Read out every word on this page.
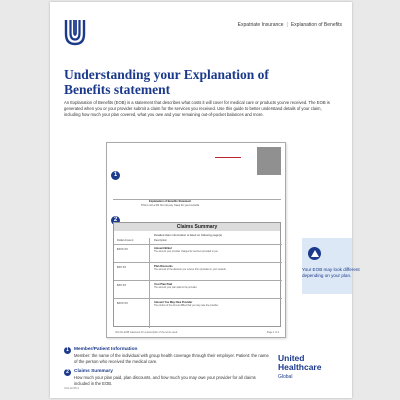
Expatriate Insurance | Explanation of Benefits
Understanding your Explanation of Benefits statement
An Explanation of Benefits (EOB) is a statement that describes what costs it will cover for medical care or products you've received. The EOB is generated when you or your provider submit a claim for the services you received. Use this guide to better understand details of your claim, including how much your plan covered, what you owe and your remaining out-of-pocket balances and more.
1
Explanation of Benefits Statement
This is not a bill. Do not pay. Keep for your records.
2
Claims Summary
Detailed claim information is listed on following page(s)
Dollar Amount	Description
$XXX.XX	Amount Billed
The amount your provider charged for services provided to you.
$XX.XX	Plan Discounts
The amount of the discount you receive from providers in your network.
$XX.XX	Your Plan Paid
The amount your plan paid to the provider.
$XXX.XX	Amount You May Owe Provider
The portion of the Amount Billed that you may owe the provider.
Visit the EOB statement for a description of the terms used.	Page 1 of 4
Your EOB may look different depending on your plan.
1	Member/Patient Information
Member: the name of the individual with group health coverage through their employer. Patient: the name of the person who received the medical care.
2	Claims Summary
How much your plan paid, plan discounts, and how much you may owe your provider for all claims included in the EOB.
United
Healthcare
Global
UHI-EOB-2
